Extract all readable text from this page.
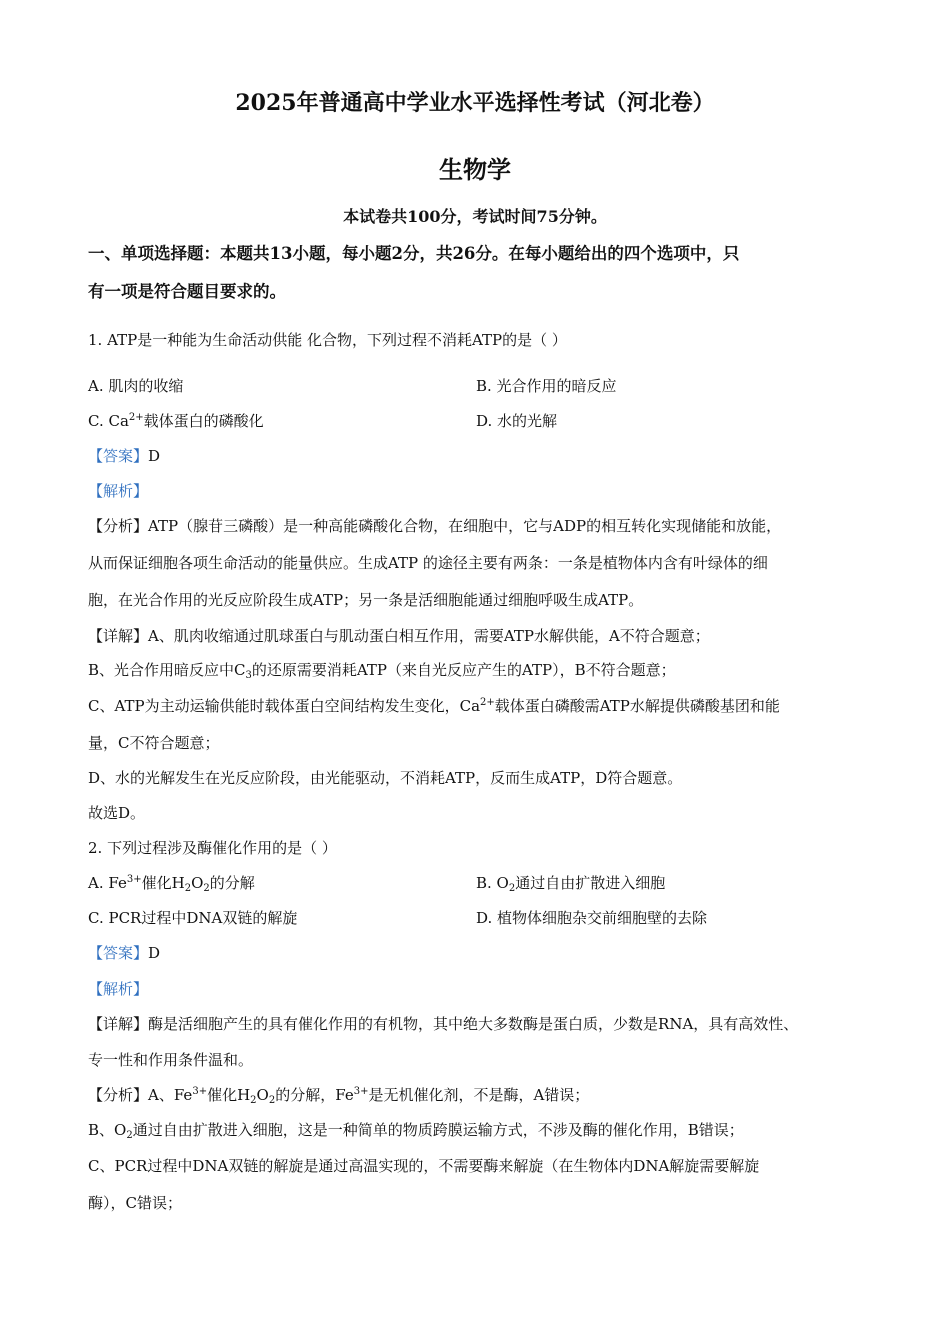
2025年普通高中学业水平选择性考试（河北卷）
生物学
本试卷共100分，考试时间75分钟。
一、单项选择题：本题共13小题，每小题2分，共26分。在每小题给出的四个选项中，只
有一项是符合题目要求的。
1. ATP是一种能为生命活动供能 化合物，下列过程不消耗ATP的是（ ）
A. 肌肉的收缩	B. 光合作用的暗反应
C. $Ca^{2+}$载体蛋白的磷酸化	D. 水的光解
【答案】D
【解析】
【分析】ATP（腺苷三磷酸）是一种高能磷酸化合物，在细胞中，它与ADP的相互转化实现储能和放能，
从而保证细胞各项生命活动的能量供应。生成ATP 的途径主要有两条：一条是植物体内含有叶绿体的细
胞，在光合作用的光反应阶段生成ATP；另一条是活细胞能通过细胞呼吸生成ATP。
【详解】A、肌肉收缩通过肌球蛋白与肌动蛋白相互作用，需要ATP水解供能，A不符合题意；
B、光合作用暗反应中$C_3$的还原需要消耗ATP（来自光反应产生的ATP），B不符合题意；
C、ATP为主动运输供能时载体蛋白空间结构发生变化，$Ca^{2+}$载体蛋白磷酸需ATP水解提供磷酸基团和能
量，C不符合题意；
D、水的光解发生在光反应阶段，由光能驱动，不消耗ATP，反而生成ATP，D符合题意。
故选D。
2. 下列过程涉及酶催化作用的是（ ）
A. $Fe^{3+}$催化$H_2O_2$的分解	B. $O_2$通过自由扩散进入细胞
C. PCR过程中DNA双链的解旋	D. 植物体细胞杂交前细胞壁的去除
【答案】D
【解析】
【详解】酶是活细胞产生的具有催化作用的有机物，其中绝大多数酶是蛋白质，少数是RNA，具有高效性、
专一性和作用条件温和。
【分析】A、$Fe^{3+}$催化$H_2O_2$的分解，$Fe^{3+}$是无机催化剂，不是酶，A错误；
B、$O_2$通过自由扩散进入细胞，这是一种简单的物质跨膜运输方式，不涉及酶的催化作用，B错误；
C、PCR过程中DNA双链的解旋是通过高温实现的，不需要酶来解旋（在生物体内DNA解旋需要解旋
酶），C错误；
